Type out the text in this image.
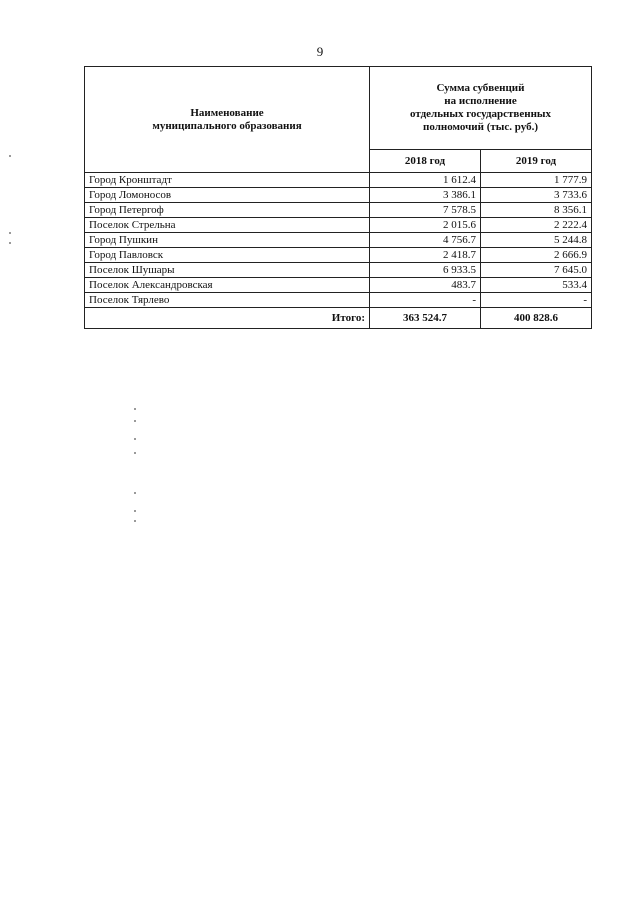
9
Наименование
муниципального образования	Сумма субвенций
на исполнение
отдельных государственных
полномочий (тыс. руб.)	
	2018 год	2019 год
Город Кронштадт	1 612.4	1 777.9
Город Ломоносов	3 386.1	3 733.6
Город Петергоф	7 578.5	8 356.1
Поселок Стрельна	2 015.6	2 222.4
Город Пушкин	4 756.7	5 244.8
Город Павловск	2 418.7	2 666.9
Поселок Шушары	6 933.5	7 645.0
Поселок Александровская	483.7	533.4
Поселок Тярлево	-	-
Итого:	363 524.7	400 828.6
